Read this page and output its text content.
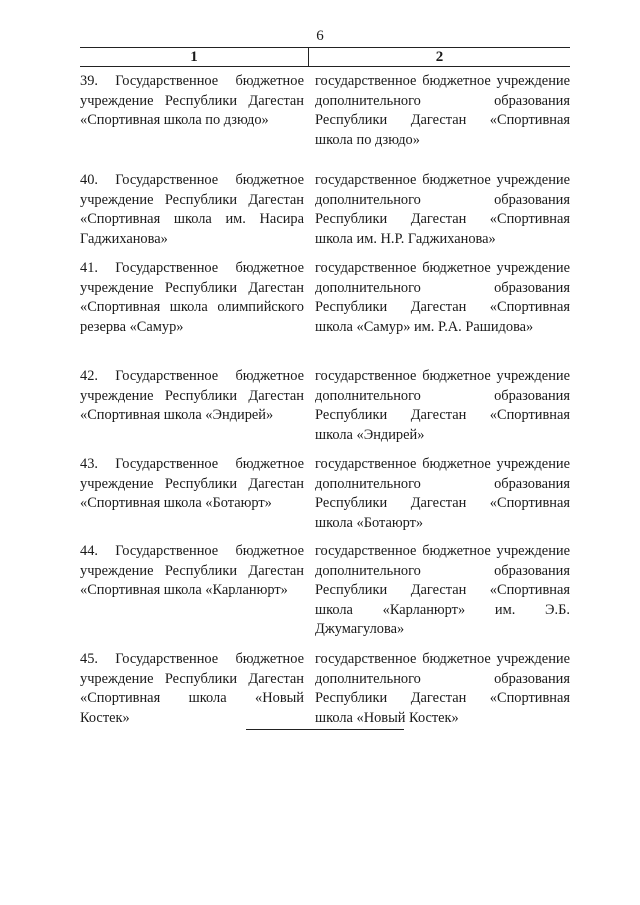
6
1	2
39. Государственное бюджетное учреждение Республики Дагестан «Спортивная школа по дзюдо»
государственное бюджетное учреждение дополнительного образования Республики Дагестан «Спортивная школа по дзюдо»
40. Государственное бюджетное учреждение Республики Дагестан «Спортивная школа им. Насира Гаджиханова»
государственное бюджетное учреждение дополнительного образования Республики Дагестан «Спортивная школа им. Н.Р. Гаджиханова»
41. Государственное бюджетное учреждение Республики Дагестан «Спортивная школа олимпийского резерва «Самур»
государственное бюджетное учреждение дополнительного образования Республики Дагестан «Спортивная школа «Самур» им. Р.А. Рашидова»
42. Государственное бюджетное учреждение Республики Дагестан «Спортивная школа «Эндирей»
государственное бюджетное учреждение дополнительного образования Республики Дагестан «Спортивная школа «Эндирей»
43. Государственное бюджетное учреждение Республики Дагестан «Спортивная школа «Ботаюрт»
государственное бюджетное учреждение дополнительного образования Республики Дагестан «Спортивная школа «Ботаюрт»
44. Государственное бюджетное учреждение Республики Дагестан «Спортивная школа «Карланюрт»
государственное бюджетное учреждение дополнительного образования Республики Дагестан «Спортивная школа «Карланюрт» им. Э.Б. Джумагулова»
45. Государственное бюджетное учреждение Республики Дагестан «Спортивная школа «Новый Костек»
государственное бюджетное учреждение дополнительного образования Республики Дагестан «Спортивная школа «Новый Костек»
